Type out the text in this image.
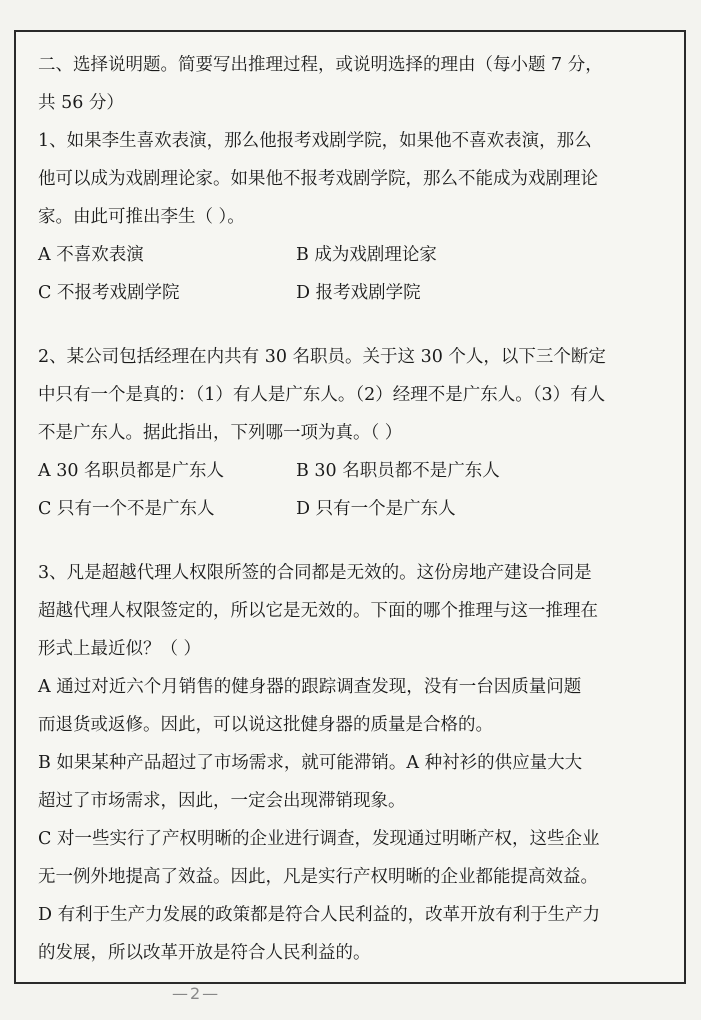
二、选择说明题。简要写出推理过程，或说明选择的理由（每小题 7 分，
共 56 分）
1、如果李生喜欢表演，那么他报考戏剧学院，如果他不喜欢表演，那么
他可以成为戏剧理论家。如果他不报考戏剧学院，那么不能成为戏剧理论
家。由此可推出李生（ ）。
A 不喜欢表演	B 成为戏剧理论家
C 不报考戏剧学院	D 报考戏剧学院
2、某公司包括经理在内共有 30 名职员。关于这 30 个人，以下三个断定
中只有一个是真的：（1）有人是广东人。（2）经理不是广东人。（3）有人
不是广东人。据此指出，下列哪一项为真。（ ）
A 30 名职员都是广东人	B 30 名职员都不是广东人
C 只有一个不是广东人	D 只有一个是广东人
3、凡是超越代理人权限所签的合同都是无效的。这份房地产建设合同是
超越代理人权限签定的，所以它是无效的。下面的哪个推理与这一推理在
形式上最近似？（ ）
A 通过对近六个月销售的健身器的跟踪调查发现，没有一台因质量问题
而退货或返修。因此，可以说这批健身器的质量是合格的。
B 如果某种产品超过了市场需求，就可能滞销。A 种衬衫的供应量大大
超过了市场需求，因此，一定会出现滞销现象。
C 对一些实行了产权明晰的企业进行调查，发现通过明晰产权，这些企业
无一例外地提高了效益。因此，凡是实行产权明晰的企业都能提高效益。
D 有利于生产力发展的政策都是符合人民利益的，改革开放有利于生产力
的发展，所以改革开放是符合人民利益的。
—2—
